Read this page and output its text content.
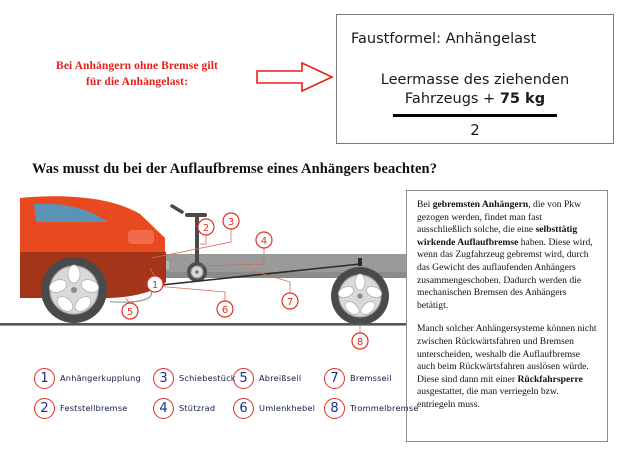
Bei Anhängern ohne Bremse gilt
für die Anhängelast:
Faustformel: Anhängelast
Leermasse des ziehenden
Fahrzeugs + 75 kg
2
Was musst du bei der Auflaufbremse eines Anhängers beachten?
1
2
3
4
5	6
7
8

Bei gebremsten Anhängern, die von Pkw gezogen werden, findet man fast ausschließlich solche, die eine selbsttätig wirkende Auflaufbremse haben. Diese wird, wenn das Zugfahrzeug gebremst wird, durch das Gewicht des auflaufenden Anhängers zusammengeschoben. Dadurch werden die mechanischen Bremsen des Anhängers betätigt.

Manch solcher Anhängersysteme können nicht zwischen Rückwärtsfahren und Bremsen unterscheiden, weshalb die Auflaufbremse auch beim Rückwärtsfahren auslösen würde. Diese sind dann mit einer Rückfahrsperre ausgestattet, die man verriegeln bzw. entriegeln muss.

1	Anhängerkupplung
2	Feststellbremse
3	Schiebestück
4	Stützrad
5	Abreißseil
6	Umlenkhebel
7	Bremsseil
8	Trommelbremse
